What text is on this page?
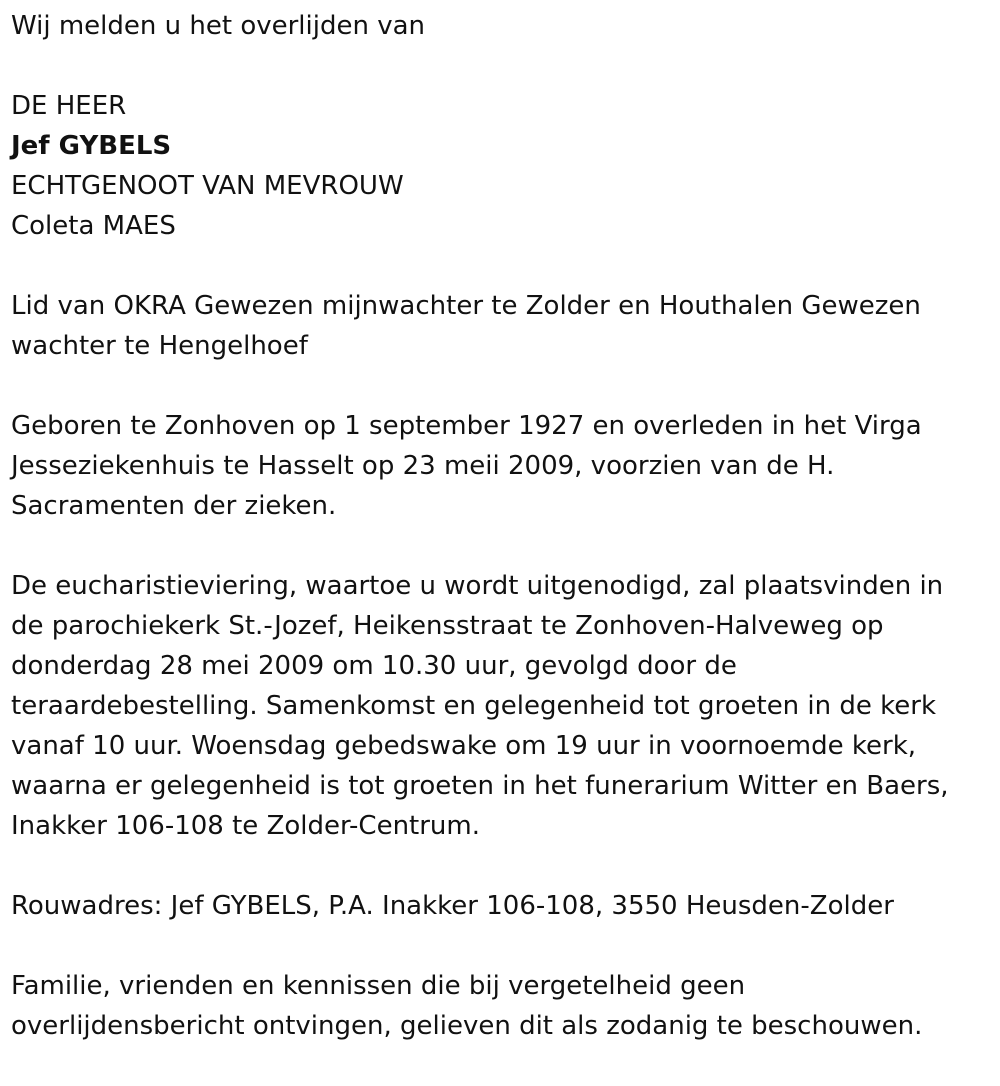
Wij melden u het overlijden van
DE HEER
Jef GYBELS
ECHTGENOOT VAN MEVROUW
Coleta MAES
Lid van OKRA Gewezen mijnwachter te Zolder en Houthalen Gewezen
wachter te Hengelhoef
Geboren te Zonhoven op 1 september 1927 en overleden in het Virga
Jesseziekenhuis te Hasselt op 23 meii 2009, voorzien van de H.
Sacramenten der zieken.
De eucharistieviering, waartoe u wordt uitgenodigd, zal plaatsvinden in
de parochiekerk St.-Jozef, Heikensstraat te Zonhoven-Halveweg op
donderdag 28 mei 2009 om 10.30 uur, gevolgd door de
teraardebestelling. Samenkomst en gelegenheid tot groeten in de kerk
vanaf 10 uur. Woensdag gebedswake om 19 uur in voornoemde kerk,
waarna er gelegenheid is tot groeten in het funerarium Witter en Baers,
Inakker 106-108 te Zolder-Centrum.
Rouwadres: Jef GYBELS, P.A. Inakker 106-108, 3550 Heusden-Zolder
Familie, vrienden en kennissen die bij vergetelheid geen
overlijdensbericht ontvingen, gelieven dit als zodanig te beschouwen.
